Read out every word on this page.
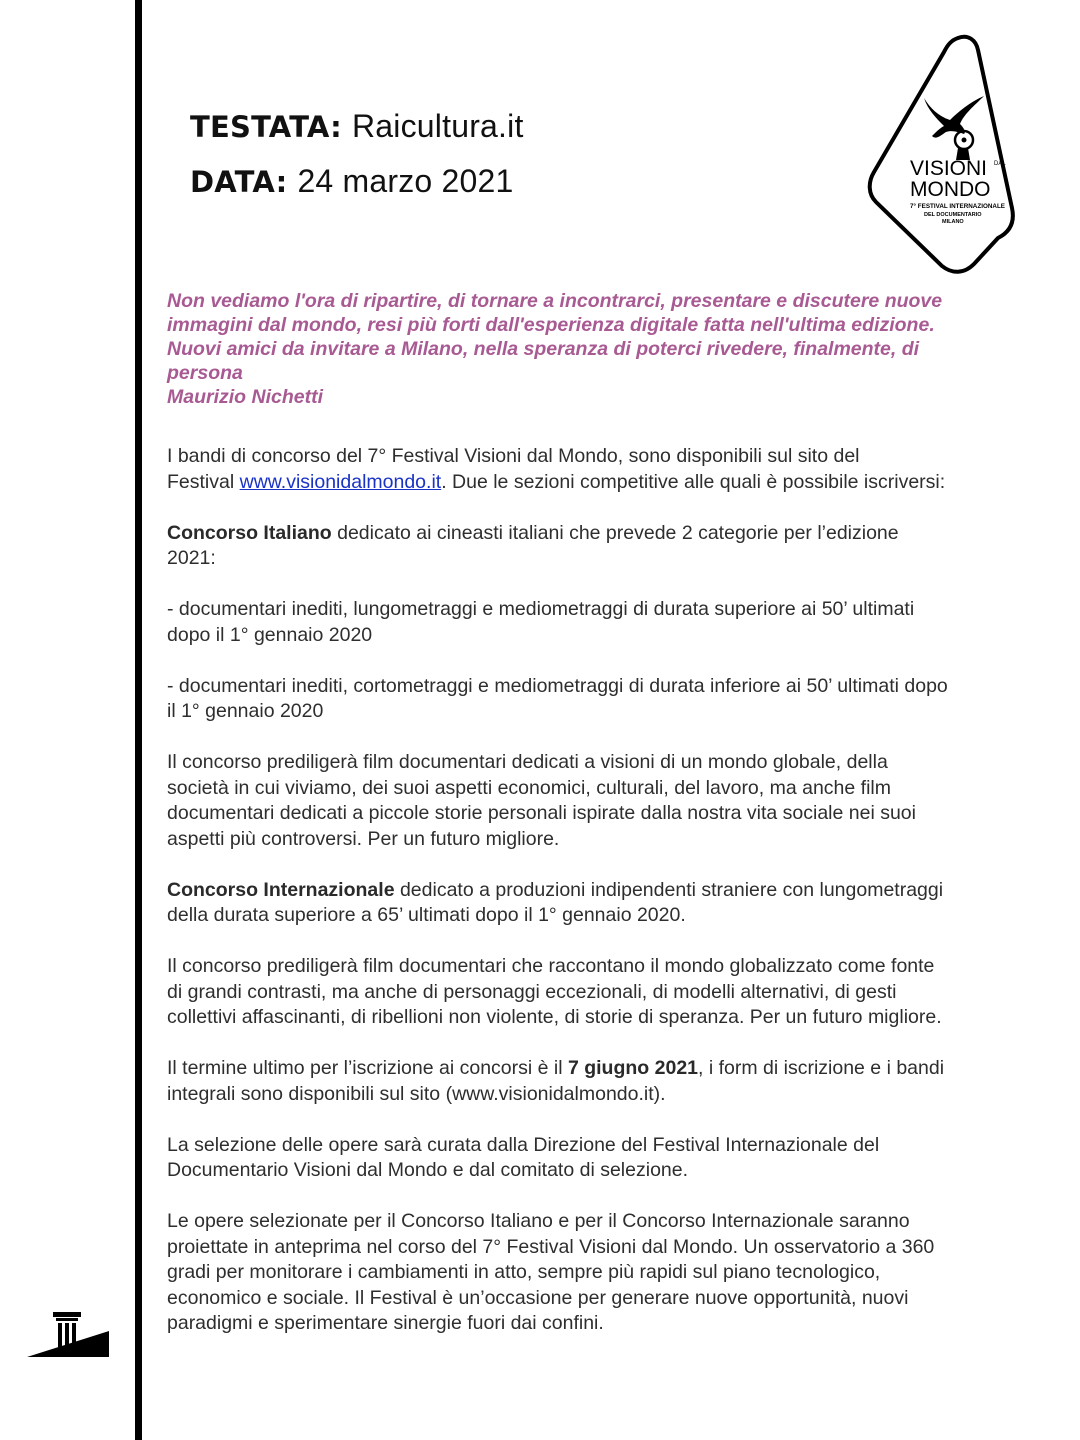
TESTATA: Raicultura.it
DATA: 24 marzo 2021	VISIONI DAL
MONDO
7° FESTIVAL INTERNAZIONALE
DEL DOCUMENTARIO
MILANO
Non vediamo l'ora di ripartire, di tornare a incontrarci, presentare e discutere nuove
immagini dal mondo, resi più forti dall'esperienza digitale fatta nell'ultima edizione.
Nuovi amici da invitare a Milano, nella speranza di poterci rivedere, finalmente, di
persona
Maurizio Nichetti

I bandi di concorso del 7° Festival Visioni dal Mondo, sono disponibili sul sito del
Festival www.visionidalmondo.it. Due le sezioni competitive alle quali è possibile iscriversi:

Concorso Italiano dedicato ai cineasti italiani che prevede 2 categorie per l’edizione
2021:

- documentari inediti, lungometraggi e mediometraggi di durata superiore ai 50’ ultimati
dopo il 1° gennaio 2020

- documentari inediti, cortometraggi e mediometraggi di durata inferiore ai 50’ ultimati dopo
il 1° gennaio 2020

Il concorso prediligerà film documentari dedicati a visioni di un mondo globale, della
società in cui viviamo, dei suoi aspetti economici, culturali, del lavoro, ma anche film
documentari dedicati a piccole storie personali ispirate dalla nostra vita sociale nei suoi
aspetti più controversi. Per un futuro migliore.

Concorso Internazionale dedicato a produzioni indipendenti straniere con lungometraggi
della durata superiore a 65’ ultimati dopo il 1° gennaio 2020.

Il concorso prediligerà film documentari che raccontano il mondo globalizzato come fonte
di grandi contrasti, ma anche di personaggi eccezionali, di modelli alternativi, di gesti
collettivi affascinanti, di ribellioni non violente, di storie di speranza. Per un futuro migliore.

Il termine ultimo per l’iscrizione ai concorsi è il 7 giugno 2021, i form di iscrizione e i bandi
integrali sono disponibili sul sito (www.visionidalmondo.it).

La selezione delle opere sarà curata dalla Direzione del Festival Internazionale del
Documentario Visioni dal Mondo e dal comitato di selezione.

Le opere selezionate per il Concorso Italiano e per il Concorso Internazionale saranno
proiettate in anteprima nel corso del 7° Festival Visioni dal Mondo. Un osservatorio a 360
gradi per monitorare i cambiamenti in atto, sempre più rapidi sul piano tecnologico,
economico e sociale. Il Festival è un’occasione per generare nuove opportunità, nuovi
paradigmi e sperimentare sinergie fuori dai confini.
